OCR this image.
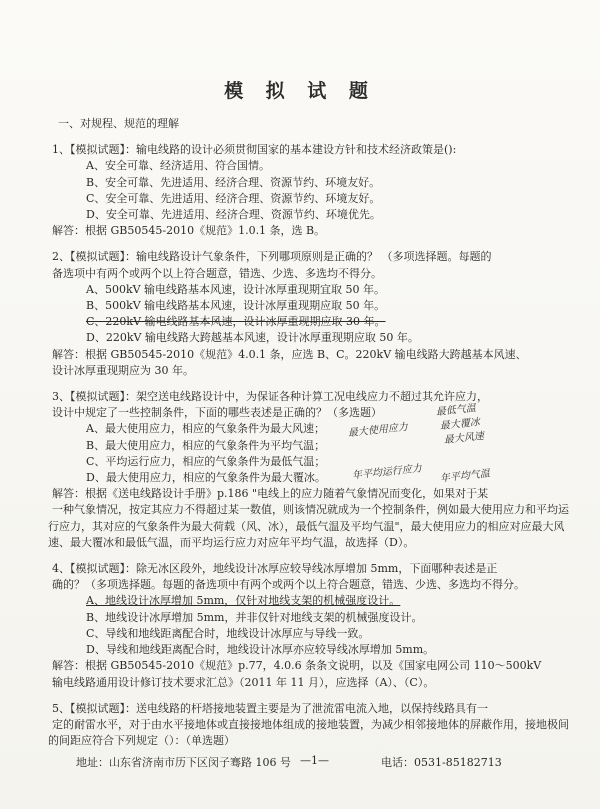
模 拟 试 题
一、对规程、规范的理解
1、【模拟试题】：输电线路的设计必须贯彻国家的基本建设方针和技术经济政策是():
A、安全可靠、经济适用、符合国情。
B、安全可靠、先进适用、经济合理、资源节约、环境友好。
C、安全可靠、先进适用、经济合理、资源节约、环境友好。
D、安全可靠、先进适用、经济合理、资源节约、环境优先。
解答：根据 GB50545-2010《规范》1.0.1 条，选 B。
2、【模拟试题】：输电线路设计气象条件，下列哪项原则是正确的？ （多项选择题。每题的
备选项中有两个或两个以上符合题意，错选、少选、多选均不得分。
A、500kV 输电线路基本风速，设计冰厚重现期宜取 50 年。
B、500kV 输电线路基本风速，设计冰厚重现期应取 50 年。
C、220kV 输电线路基本风速，设计冰厚重现期应取 30 年。
D、220kV 输电线路大跨越基本风速，设计冰厚重现期应取 50 年。
解答：根据 GB50545-2010《规范》4.0.1 条，应选 B、C。220kV 输电线路大跨越基本风速、
设计冰厚重现期应为 30 年。
3、【模拟试题】：架空送电线路设计中，为保证各种计算工况电线应力不超过其允许应力，
设计中规定了一些控制条件，下面的哪些表述是正确的？（多选题）
A、最大使用应力，相应的气象条件为最大风速；
B、最大使用应力，相应的气象条件为平均气温；
C、平均运行应力，相应的气象条件为最低气温；
D、最大使用应力，相应的气象条件为最大覆冰。
解答：根据《送电线路设计手册》p.186 "电线上的应力随着气象情况而变化，如果对于某
一种气象情况，按定其应力不得超过某一数值，则该情况就成为一个控制条件，例如最大使用应力和平均运行应力，其对应的气象条件为最大荷载（风、冰），最低气温及平均气温"，最大使用应力的相应对应最大风速、最大覆冰和最低气温，而平均运行应力对应年平均气温，故选择（D）。
最大使用应力
最低气温
最大覆冰
最大风速
年平均运行应力 年平均气温
4、【模拟试题】：除无冰区段外，地线设计冰厚应较导线冰厚增加 5mm，下面哪种表述是正
确的？（多项选择题。每题的备选项中有两个或两个以上符合题意，错选、少选、多选均不得分。
A、地线设计冰厚增加 5mm，仅针对地线支架的机械强度设计。
B、地线设计冰厚增加 5mm，并非仅针对地线支架的机械强度设计。
C、导线和地线距离配合时，地线设计冰厚应与导线一致。
D、导线和地线距离配合时，地线设计冰厚亦应较导线冰厚增加 5mm。
解答：根据 GB50545-2010《规范》p.77，4.0.6 条条文说明，以及《国家电网公司 110～500kV
输电线路通用设计修订技术要求汇总》（2011 年 11 月），应选择（A）、（C）。
5、【模拟试题】：送电线路的杆塔接地装置主要是为了泄流雷电流入地，以保持线路具有一
定的耐雷水平，对于由水平接地体或直接接地体组成的接地装置，为减少相邻接地体的屏蔽作用，接地极间的间距应符合下列规定（）：（单选题）
地址：山东省济南市历下区闵子骞路 106 号 —1—	电话：0531-85182713
